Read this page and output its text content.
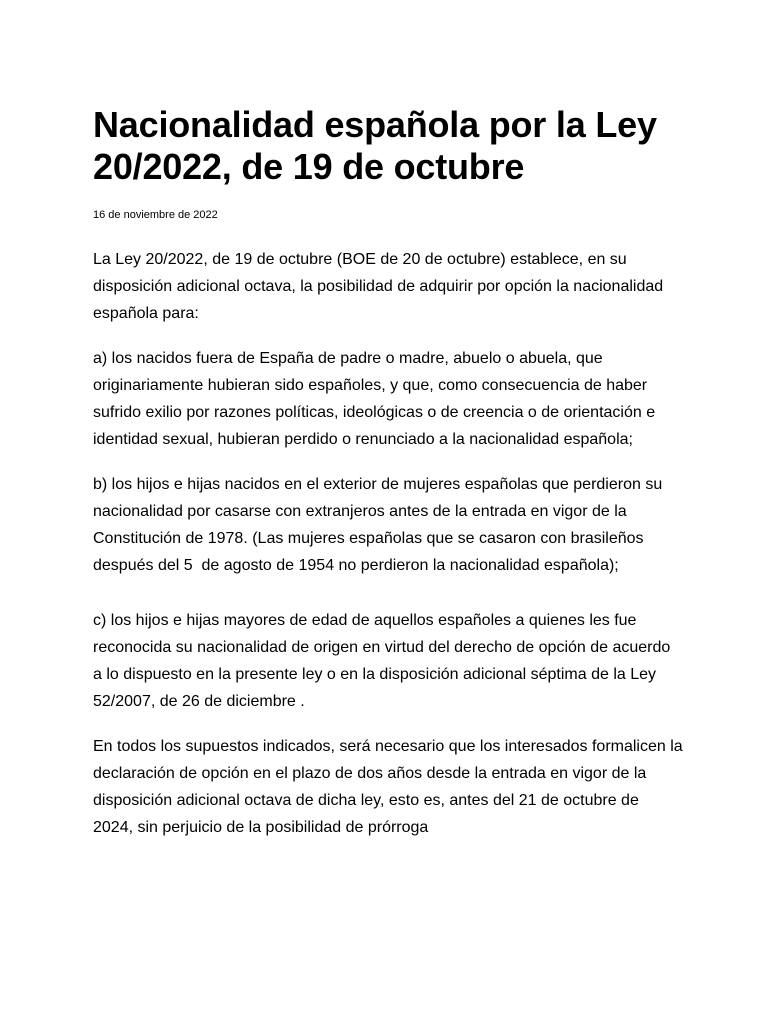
Nacionalidad española por la Ley 20/2022, de 19 de octubre
16 de noviembre de 2022

La Ley 20/2022, de 19 de octubre (BOE de 20 de octubre) establece, en su disposición adicional octava, la posibilidad de adquirir por opción la nacionalidad española para:

a) los nacidos fuera de España de padre o madre, abuelo o abuela, que originariamente hubieran sido españoles, y que, como consecuencia de haber sufrido exilio por razones políticas, ideológicas o de creencia o de orientación e identidad sexual, hubieran perdido o renunciado a la nacionalidad española;

b) los hijos e hijas nacidos en el exterior de mujeres españolas que perdieron su nacionalidad por casarse con extranjeros antes de la entrada en vigor de la Constitución de 1978. (Las mujeres españolas que se casaron con brasileños después del 5  de agosto de 1954 no perdieron la nacionalidad española);

c) los hijos e hijas mayores de edad de aquellos españoles a quienes les fue reconocida su nacionalidad de origen en virtud del derecho de opción de acuerdo a lo dispuesto en la presente ley o en la disposición adicional séptima de la Ley 52/2007, de 26 de diciembre .

En todos los supuestos indicados, será necesario que los interesados formalicen la declaración de opción en el plazo de dos años desde la entrada en vigor de la disposición adicional octava de dicha ley, esto es, antes del 21 de octubre de 2024, sin perjuicio de la posibilidad de prórroga
